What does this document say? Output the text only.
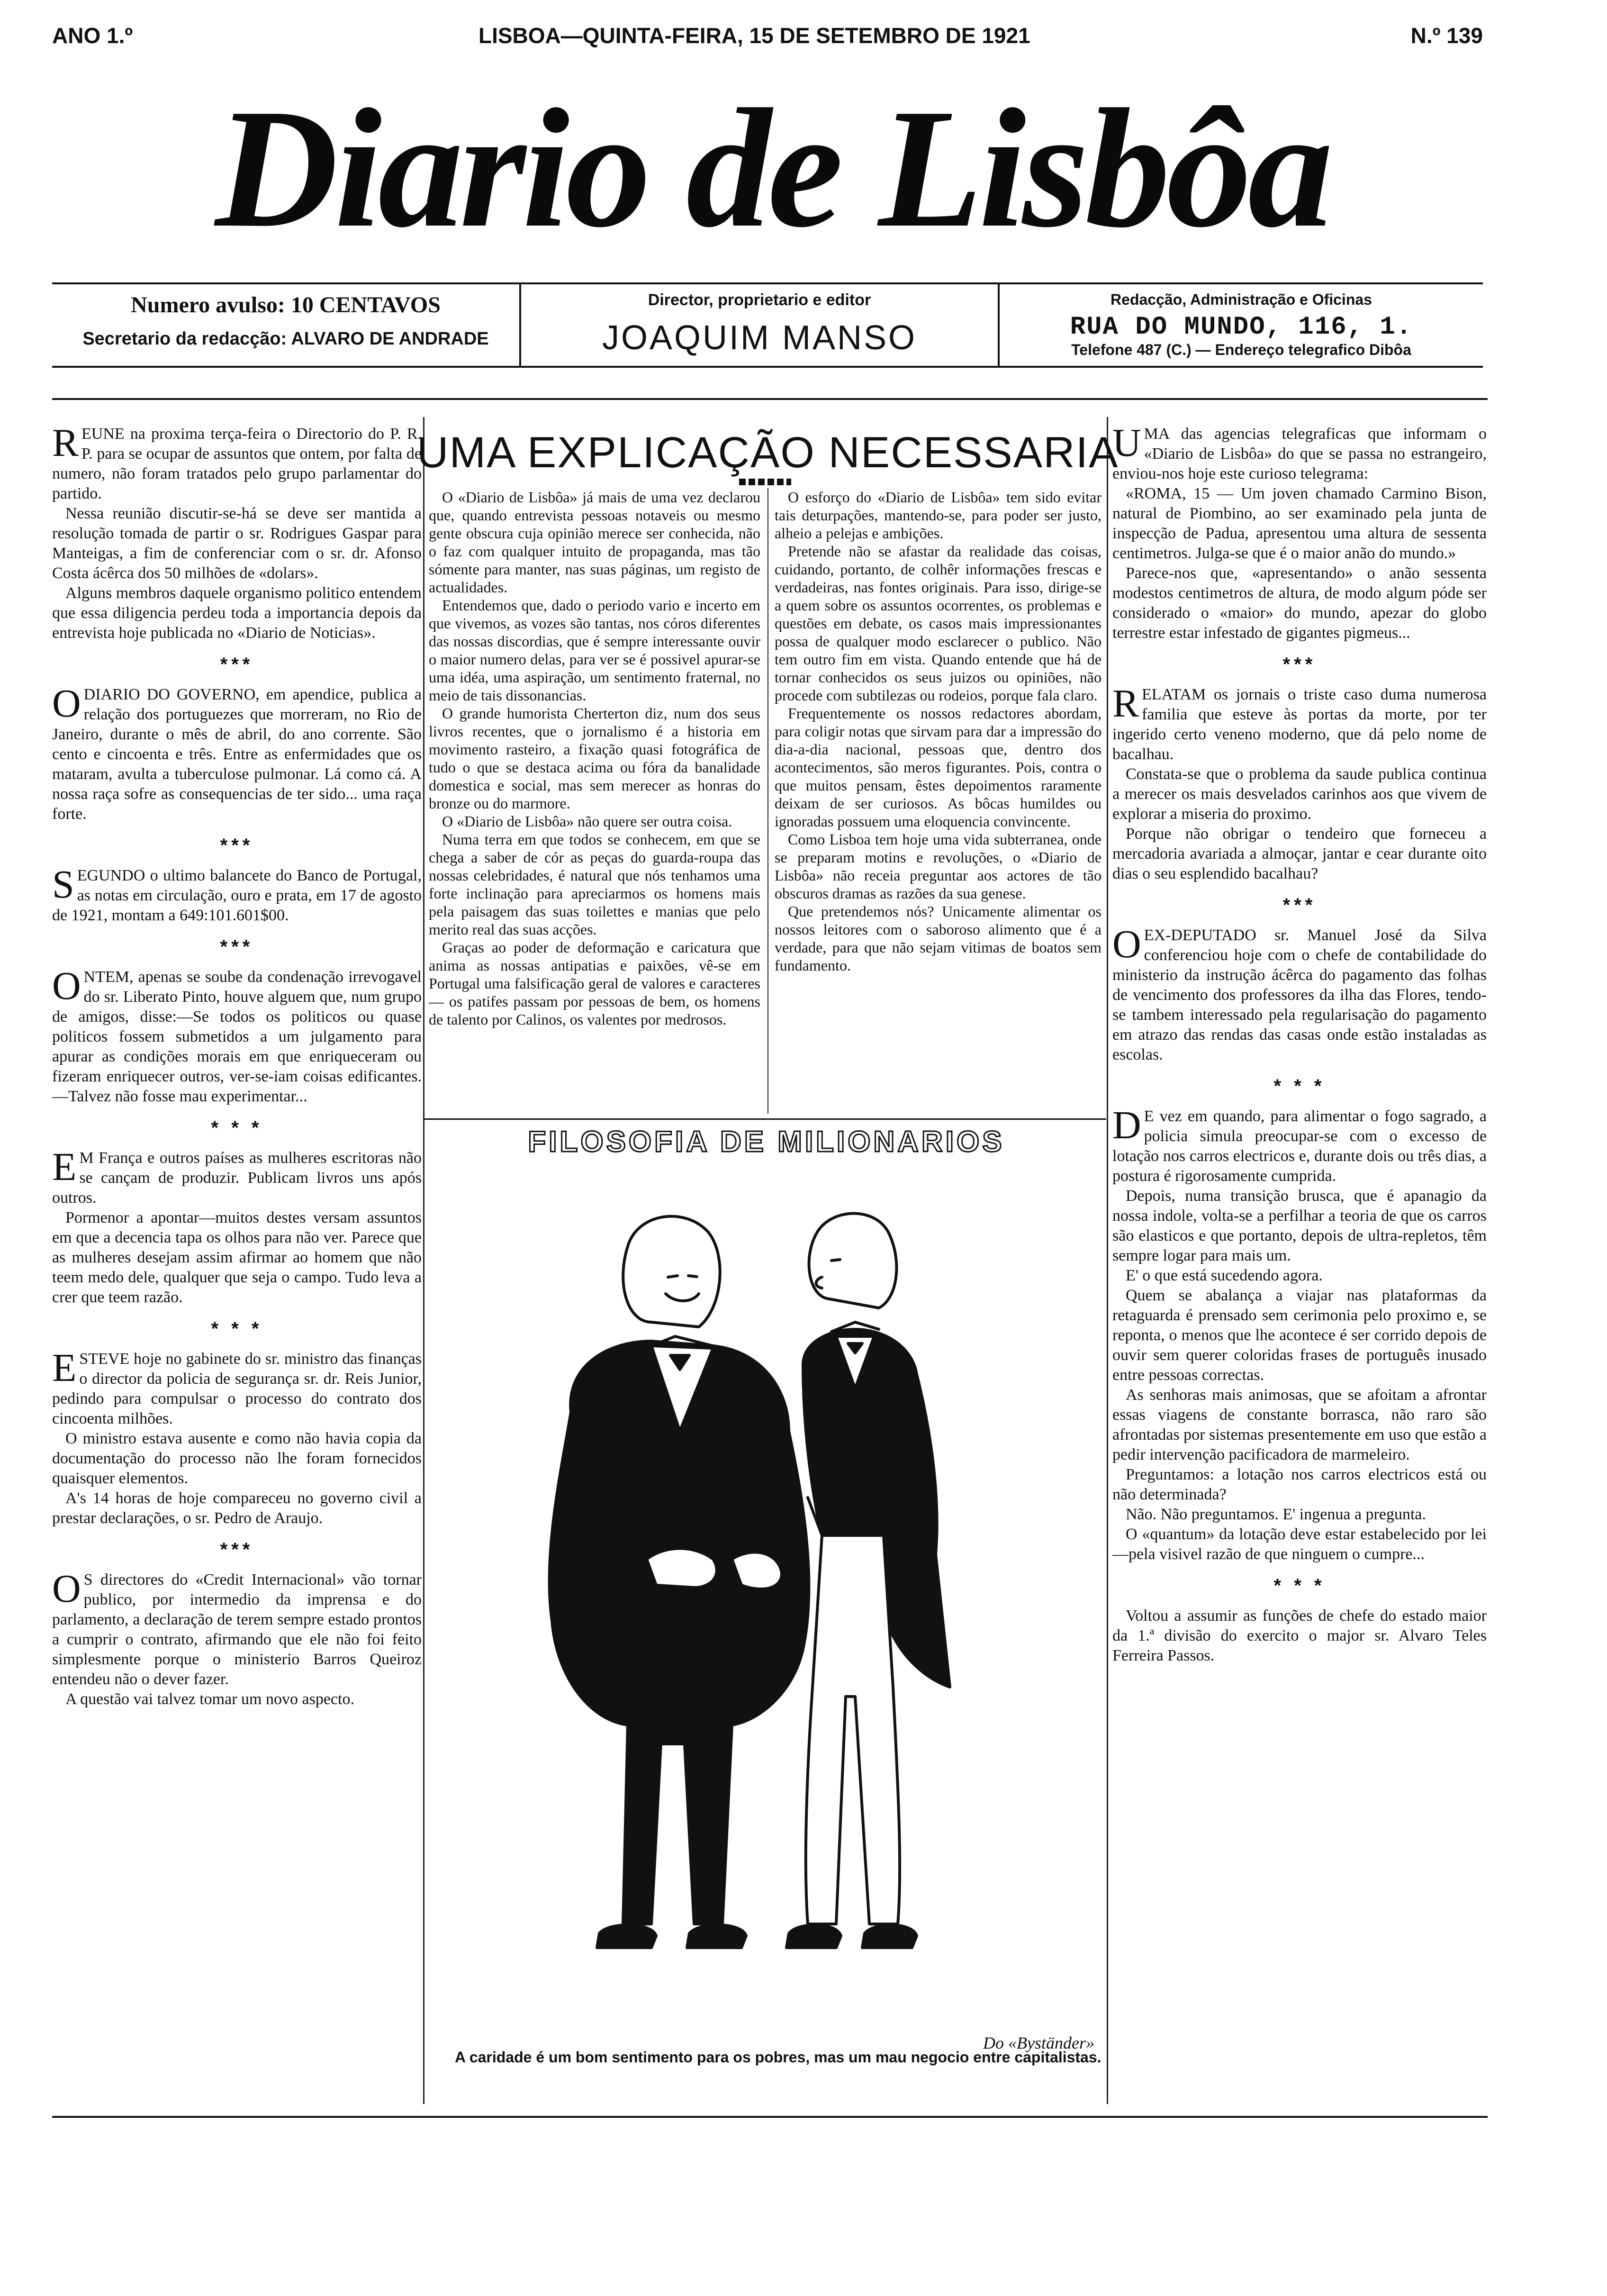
ANO 1.º	LISBOA—QUINTA-FEIRA, 15 DE SETEMBRO DE 1921	N.º 139
Diario de Lisbôa
Numero avulso: 10 CENTAVOS
Secretario da redacção: ALVARO DE ANDRADE
Director, proprietario e editor
JOAQUIM MANSO
Redacção, Administração e Oficinas
RUA DO MUNDO, 116, 1.
Telefone 487 (C.) — Endereço telegrafico Dibôa

REUNE na proxima terça-feira o Directorio do P. R. P. para se ocupar de assuntos que ontem, por falta de numero, não foram tratados pelo grupo parlamentar do partido.

Nessa reunião discutir-se-há se deve ser mantida a resolução tomada de partir o sr. Rodrigues Gaspar para Manteigas, a fim de conferenciar com o sr. dr. Afonso Costa ácêrca dos 50 milhões de «dolars».

Alguns membros daquele organismo politico entendem que essa diligencia perdeu toda a importancia depois da entrevista hoje publicada no «Diario de Noticias».

***

ODIARIO DO GOVERNO, em apendice, publica a relação dos portuguezes que morreram, no Rio de Janeiro, durante o mês de abril, do ano corrente. São cento e cincoenta e três. Entre as enfermidades que os mataram, avulta a tuberculose pulmonar. Lá como cá. A nossa raça sofre as consequencias de ter sido... uma raça forte.

***

SEGUNDO o ultimo balancete do Banco de Portugal, as notas em circulação, ouro e prata, em 17 de agosto de 1921, montam a 649:101.601$00.

***

ONTEM, apenas se soube da condenação irrevogavel do sr. Liberato Pinto, houve alguem que, num grupo de amigos, disse:—Se todos os politicos ou quase politicos fossem submetidos a um julgamento para apurar as condições morais em que enriqueceram ou fizeram enriquecer outros, ver-se-iam coisas edificantes.—Talvez não fosse mau experimentar...

* * *

E M França e outros países as mulheres escritoras não se cançam de produzir. Publicam livros uns após outros.

Pormenor a apontar—muitos destes versam assuntos em que a decencia tapa os olhos para não ver. Parece que as mulheres desejam assim afirmar ao homem que não teem medo dele, qualquer que seja o campo. Tudo leva a crer que teem razão.

* * *

ESTEVE hoje no gabinete do sr. ministro das finanças o director da policia de segurança sr. dr. Reis Junior, pedindo para compulsar o processo do contrato dos cincoenta milhões.

O ministro estava ausente e como não havia copia da documentação do processo não lhe foram fornecidos quaisquer elementos.

A's 14 horas de hoje compareceu no governo civil a prestar declarações, o sr. Pedro de Araujo.

***

O S directores do «Credit Internacional» vão tornar publico, por intermedio da imprensa e do parlamento, a declaração de terem sempre estado prontos a cumprir o contrato, afirmando que ele não foi feito simplesmente porque o ministerio Barros Queiroz entendeu não o dever fazer.

A questão vai talvez tomar um novo aspecto.

UMA EXPLICAÇÃO NECESSARIA

O «Diario de Lisbôa» já mais de uma vez declarou que, quando entrevista pessoas notaveis ou mesmo gente obscura cuja opinião merece ser conhecida, não o faz com qualquer intuito de propaganda, mas tão sómente para manter, nas suas páginas, um registo de actualidades.

Entendemos que, dado o periodo vario e incerto em que vivemos, as vozes são tantas, nos córos diferentes das nossas discordias, que é sempre interessante ouvir o maior numero delas, para ver se é possivel apurar-se uma idéa, uma aspiração, um sentimento fraternal, no meio de tais dissonancias.

O grande humorista Cherterton diz, num dos seus livros recentes, que o jornalismo é a historia em movimento rasteiro, a fixação quasi fotográfica de tudo o que se destaca acima ou fóra da banalidade domestica e social, mas sem merecer as honras do bronze ou do marmore.

O «Diario de Lisbôa» não quere ser outra coisa.

Numa terra em que todos se conhecem, em que se chega a saber de cór as peças do guarda-roupa das nossas celebridades, é natural que nós tenhamos uma forte inclinação para apreciarmos os homens mais pela paisagem das suas toilettes e manias que pelo merito real das suas acções.

Graças ao poder de deformação e caricatura que anima as nossas antipatias e paixões, vê-se em Portugal uma falsificação geral de valores e caracteres — os patifes passam por pessoas de bem, os homens de talento por Calinos, os valentes por medrosos.

O esforço do «Diario de Lisbôa» tem sido evitar tais deturpações, mantendo-se, para poder ser justo, alheio a pelejas e ambições.

Pretende não se afastar da realidade das coisas, cuidando, portanto, de colhêr informações frescas e verdadeiras, nas fontes originais. Para isso, dirige-se a quem sobre os assuntos ocorrentes, os problemas e questões em debate, os casos mais impressionantes possa de qualquer modo esclarecer o publico. Não tem outro fim em vista. Quando entende que há de tornar conhecidos os seus juizos ou opiniões, não procede com subtilezas ou rodeios, porque fala claro.

Frequentemente os nossos redactores abordam, para coligir notas que sirvam para dar a impressão do dia-a-dia nacional, pessoas que, dentro dos acontecimentos, são meros figurantes. Pois, contra o que muitos pensam, êstes depoimentos raramente deixam de ser curiosos. As bôcas humildes ou ignoradas possuem uma eloquencia convincente.

Como Lisboa tem hoje uma vida subterranea, onde se preparam motins e revoluções, o «Diario de Lisbôa» não receia preguntar aos actores de tão obscuros dramas as razões da sua genese.

Que pretendemos nós? Unicamente alimentar os nossos leitores com o saboroso alimento que é a verdade, para que não sejam vitimas de boatos sem fundamento.

FILOSOFIA DE MILIONARIOS
Do «Byständer»
A caridade é um bom sentimento para os pobres, mas um mau negocio entre capitalistas.

UMA das agencias telegraficas que informam o «Diario de Lisbôa» do que se passa no estrangeiro, enviou-nos hoje este curioso telegrama:

«ROMA, 15 — Um joven chamado Carmino Bison, natural de Piombino, ao ser examinado pela junta de inspecção de Padua, apresentou uma altura de sessenta centimetros. Julga-se que é o maior anão do mundo.»

Parece-nos que, «apresentando» o anão sessenta modestos centimetros de altura, de modo algum póde ser considerado o «maior» do mundo, apezar do globo terrestre estar infestado de gigantes pigmeus...

***

RELATAM os jornais o triste caso duma numerosa familia que esteve às portas da morte, por ter ingerido certo veneno moderno, que dá pelo nome de bacalhau.

Constata-se que o problema da saude publica continua a merecer os mais desvelados carinhos aos que vivem de explorar a miseria do proximo.

Porque não obrigar o tendeiro que forneceu a mercadoria avariada a almoçar, jantar e cear durante oito dias o seu esplendido bacalhau?

***

OEX-DEPUTADO sr. Manuel José da Silva conferenciou hoje com o chefe de contabilidade do ministerio da instrução ácêrca do pagamento das folhas de vencimento dos professores da ilha das Flores, tendo-se tambem interessado pela regularisação do pagamento em atrazo das rendas das casas onde estão instaladas as escolas.

* * *

D E vez em quando, para alimentar o fogo sagrado, a policia simula preocupar-se com o excesso de lotação nos carros electricos e, durante dois ou três dias, a postura é rigorosamente cumprida.

Depois, numa transição brusca, que é apanagio da nossa indole, volta-se a perfilhar a teoria de que os carros são elasticos e que portanto, depois de ultra-repletos, têm sempre logar para mais um.

E' o que está sucedendo agora.

Quem se abalança a viajar nas plataformas da retaguarda é prensado sem cerimonia pelo proximo e, se reponta, o menos que lhe acontece é ser corrido depois de ouvir sem querer coloridas frases de português inusado entre pessoas correctas.

As senhoras mais animosas, que se afoitam a afrontar essas viagens de constante borrasca, não raro são afrontadas por sistemas presentemente em uso que estão a pedir intervenção pacificadora de marmeleiro.

Preguntamos: a lotação nos carros electricos está ou não determinada?

Não. Não preguntamos. E' ingenua a pregunta.

O «quantum» da lotação deve estar estabelecido por lei—pela visivel razão de que ninguem o cumpre...

* * *

Voltou a assumir as funções de chefe do estado maior da 1.ª divisão do exercito o major sr. Alvaro Teles Ferreira Passos.
